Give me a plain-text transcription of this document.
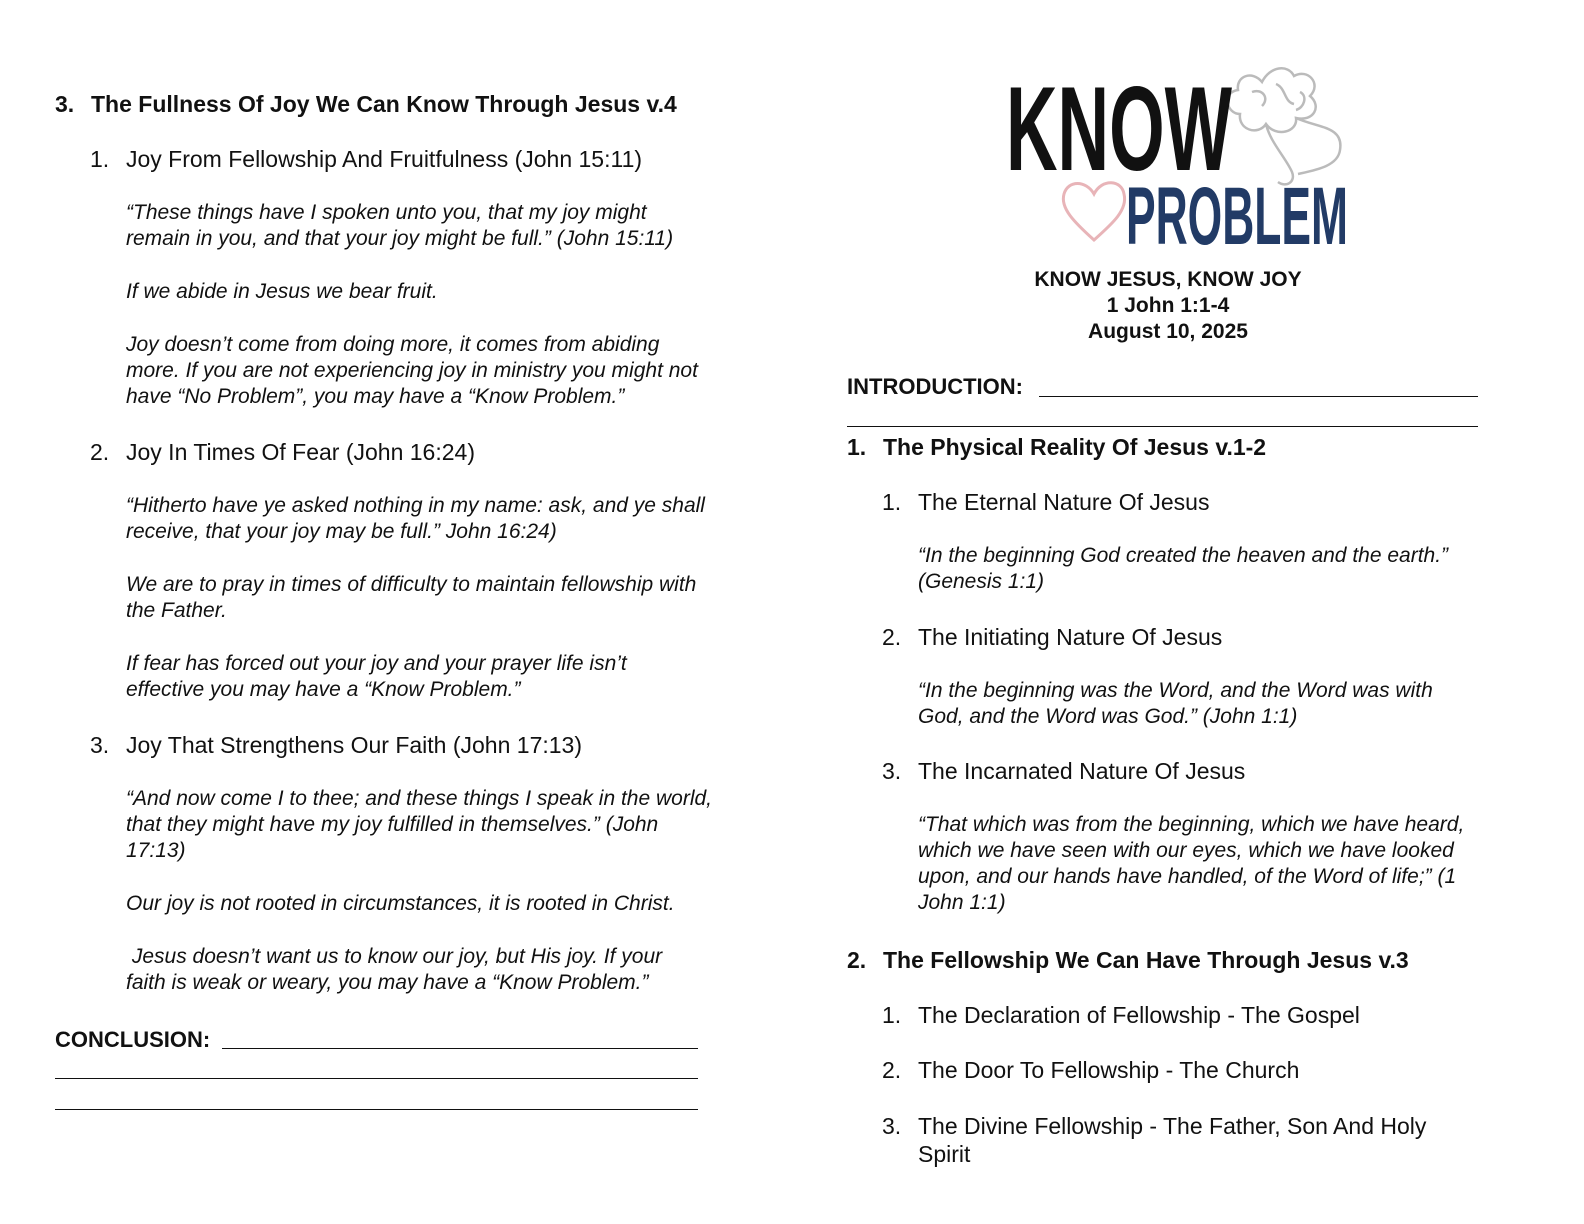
3. The Fullness Of Joy We Can Know Through Jesus v.4
1. Joy From Fellowship And Fruitfulness (John 15:11)
“These things have I spoken unto you, that my joy might remain in you, and that your joy might be full.” (John 15:11)
If we abide in Jesus we bear fruit.
Joy doesn’t come from doing more, it comes from abiding more. If you are not experiencing joy in ministry you might not have “No Problem”, you may have a “Know Problem.”
2. Joy In Times Of Fear (John 16:24)
“Hitherto have ye asked nothing in my name: ask, and ye shall receive, that your joy may be full.” John 16:24)
We are to pray in times of difficulty to maintain fellowship with the Father.
If fear has forced out your joy and your prayer life isn’t effective you may have a “Know Problem.”
3. Joy That Strengthens Our Faith (John 17:13)
“And now come I to thee; and these things I speak in the world, that they might have my joy fulfilled in themselves.” (John 17:13)
Our joy is not rooted in circumstances, it is rooted in Christ.
Jesus doesn’t want us to know our joy, but His joy. If your faith is weak or weary, you may have a “Know Problem.”
CONCLUSION:
KNOW
PROBLEM
KNOW JESUS, KNOW JOY
1 John 1:1-4
August 10, 2025
INTRODUCTION:
1. The Physical Reality Of Jesus v.1-2
1. The Eternal Nature Of Jesus
“In the beginning God created the heaven and the earth.” (Genesis 1:1)
2. The Initiating Nature Of Jesus
“In the beginning was the Word, and the Word was with God, and the Word was God.” (John 1:1)
3. The Incarnated Nature Of Jesus
“That which was from the beginning, which we have heard, which we have seen with our eyes, which we have looked upon, and our hands have handled, of the Word of life;” (1 John 1:1)
2. The Fellowship We Can Have Through Jesus v.3
1. The Declaration of Fellowship - The Gospel
2. The Door To Fellowship - The Church
3. The Divine Fellowship - The Father, Son And Holy Spirit
